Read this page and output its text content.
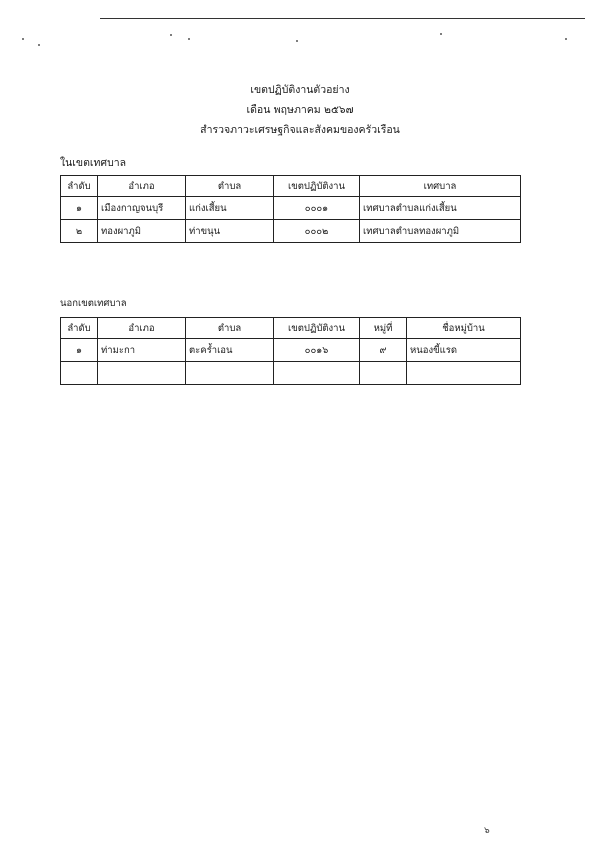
เขตปฏิบัติงานตัวอย่าง
เดือน พฤษภาคม ๒๕๖๗
สำรวจภาวะเศรษฐกิจและสังคมของครัวเรือน
ในเขตเทศบาล
ลำดับ	อำเภอ	ตำบล	เขตปฏิบัติงาน	เทศบาล
๑	เมืองกาญจนบุรี	แก่งเสี้ยน	๐๐๐๑	เทศบาลตำบลแก่งเสี้ยน
๒	ทองผาภูมิ	ท่าขนุน	๐๐๐๒	เทศบาลตำบลทองผาภูมิ
นอกเขตเทศบาล
ลำดับ	อำเภอ	ตำบล	เขตปฏิบัติงาน	หมู่ที่	ชื่อหมู่บ้าน
๑	ท่ามะกา	ตะคร้ำเอน	๐๐๑๖	๙	หนองขี้แรด

๖
